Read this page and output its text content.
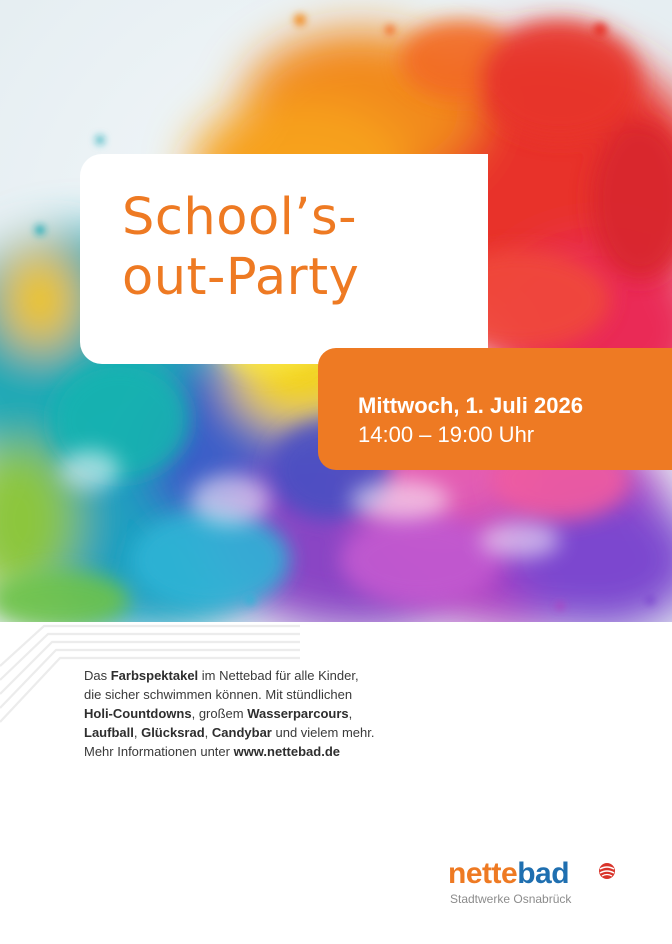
School’s-
out-Party
Mittwoch, 1. Juli 2026
14:00 – 19:00 Uhr

Das Farbspektakel im Nettebad für alle Kinder,

die sicher schwimmen können. Mit stündlichen

Holi-Countdowns, großem Wasserparcours,

Laufball, Glücksrad, Candybar und vielem mehr.

Mehr Informationen unter www.nettebad.de

nettebad
Stadtwerke Osnabrück
